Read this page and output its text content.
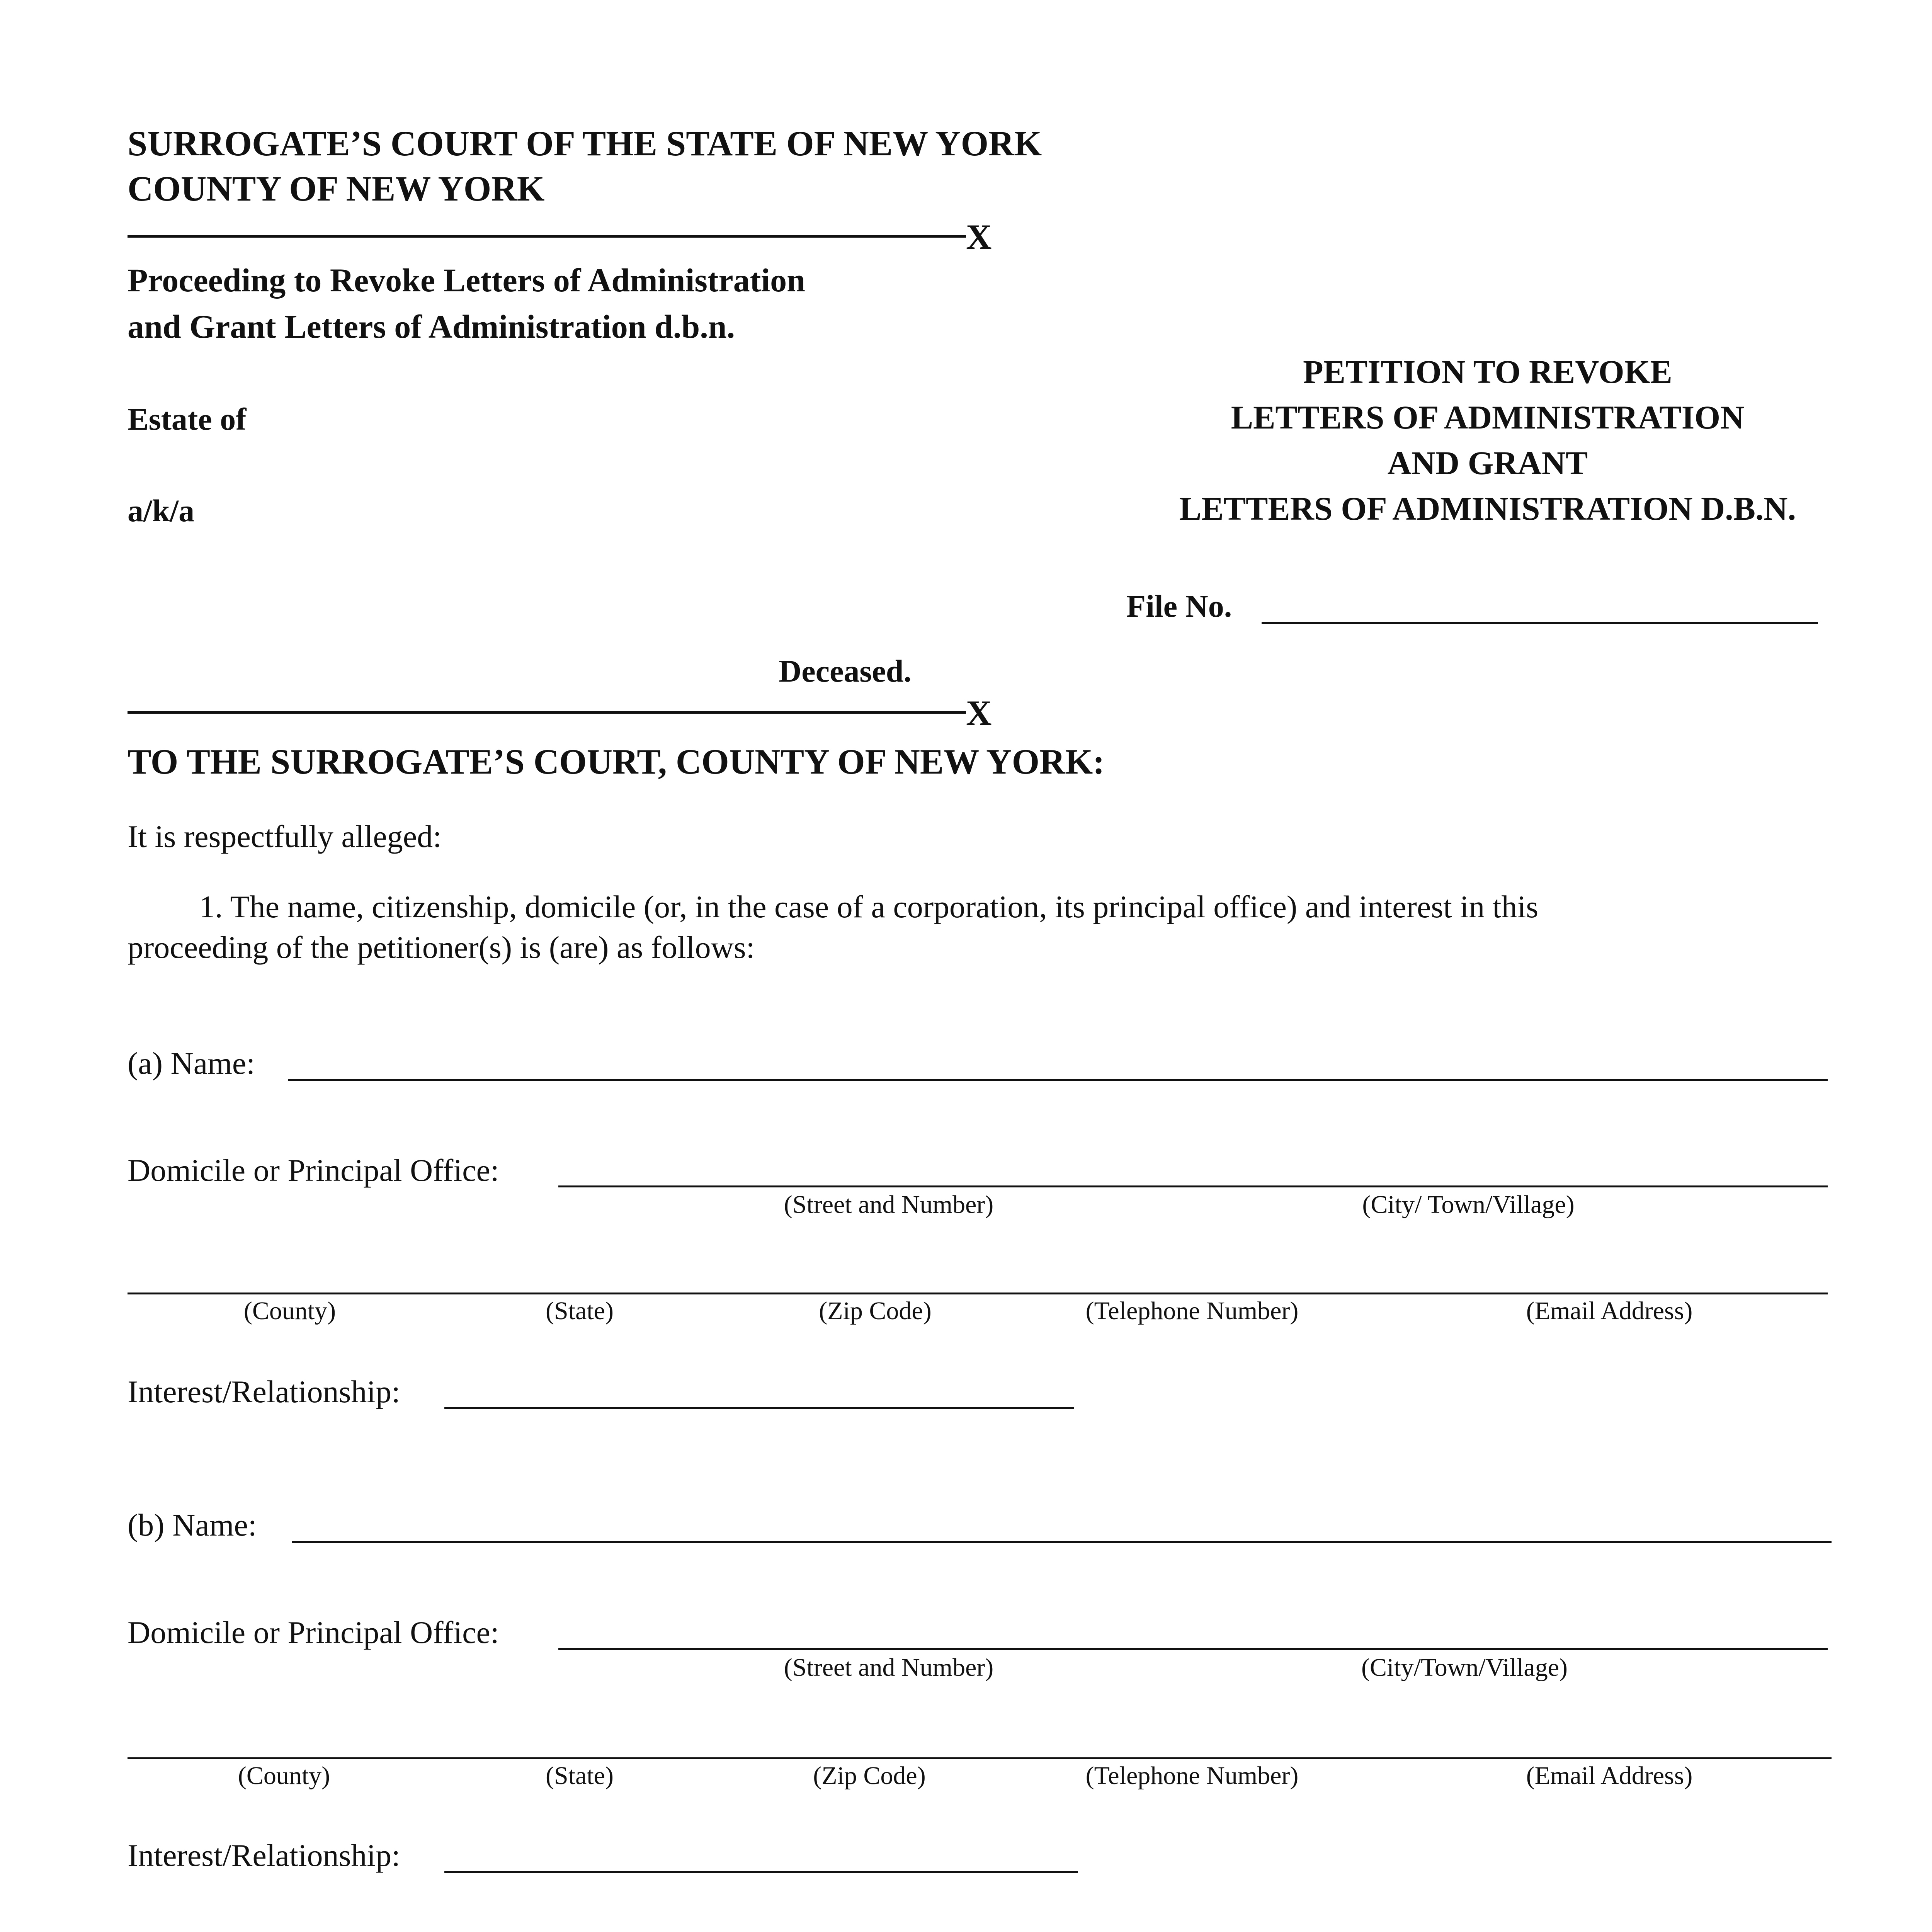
SURROGATE’S COURT OF THE STATE OF NEW YORK
COUNTY OF NEW YORK
X
Proceeding to Revoke Letters of Administration
and Grant Letters of Administration d.b.n.
Estate of
a/k/a
Deceased.
X
PETITION TO REVOKE
LETTERS OF ADMINISTRATION
AND GRANT
LETTERS OF ADMINISTRATION D.B.N.
File No.
TO THE SURROGATE’S COURT, COUNTY OF NEW YORK:
It is respectfully alleged:
1. The name, citizenship, domicile (or, in the case of a corporation, its principal office) and interest in this
proceeding of the petitioner(s) is (are) as follows:
(a) Name:
Domicile or Principal Office:
(Street and Number)	(City/ Town/Village)
(County)	(State)	(Zip Code)	(Telephone Number)	(Email Address)
Interest/Relationship:
(b) Name:
Domicile or Principal Office:
(Street and Number)	(City/Town/Village)
(County)	(State)	(Zip Code)	(Telephone Number)	(Email Address)
Interest/Relationship:
